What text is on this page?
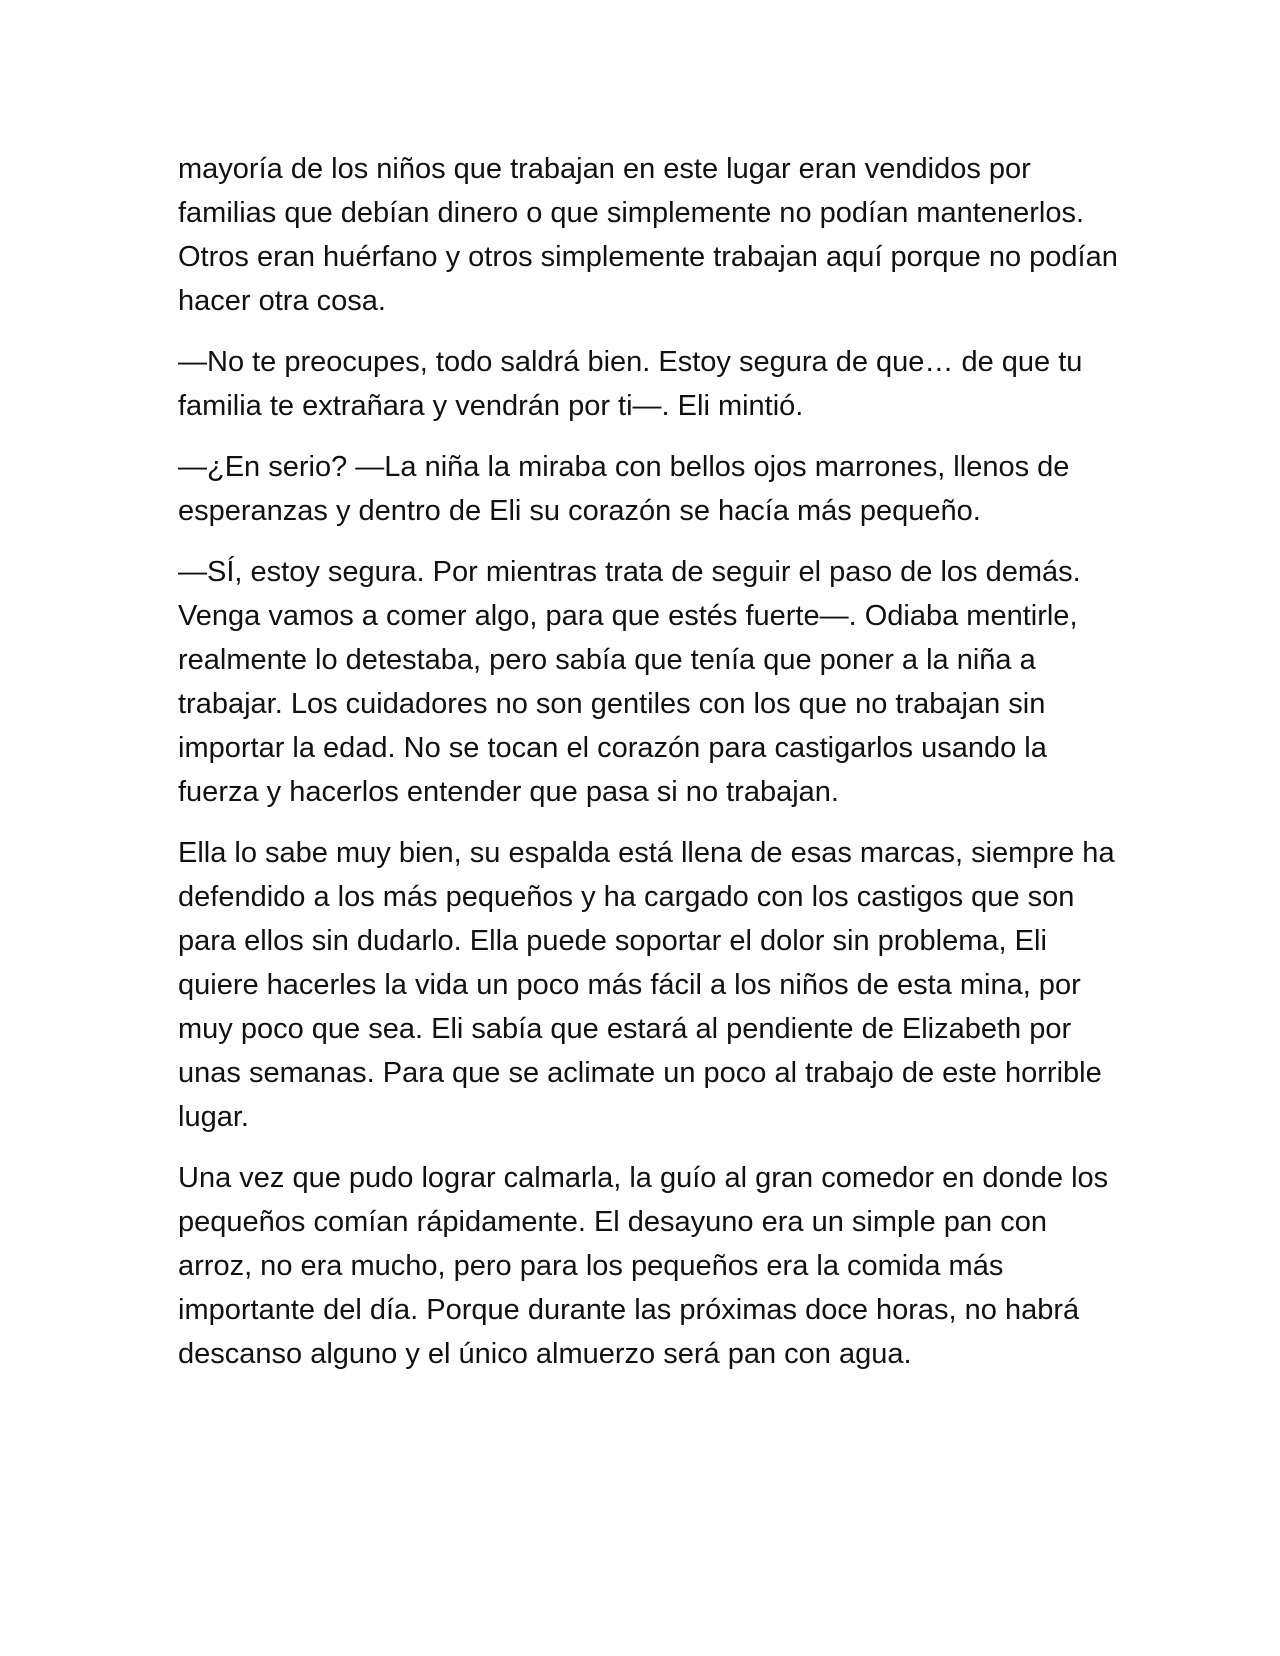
mayoría de los niños que trabajan en este lugar eran vendidos por familias que debían dinero o que simplemente no podían mantenerlos. Otros eran huérfano y otros simplemente trabajan aquí porque no podían hacer otra cosa.

—No te preocupes, todo saldrá bien. Estoy segura de que… de que tu familia te extrañara y vendrán por ti—. Eli mintió.

—¿En serio? —La niña la miraba con bellos ojos marrones, llenos de esperanzas y dentro de Eli su corazón se hacía más pequeño.

—SÍ, estoy segura. Por mientras trata de seguir el paso de los demás. Venga vamos a comer algo, para que estés fuerte—. Odiaba mentirle, realmente lo detestaba, pero sabía que tenía que poner a la niña a trabajar. Los cuidadores no son gentiles con los que no trabajan sin importar la edad. No se tocan el corazón para castigarlos usando la fuerza y hacerlos entender que pasa si no trabajan.

Ella lo sabe muy bien, su espalda está llena de esas marcas, siempre ha defendido a los más pequeños y ha cargado con los castigos que son para ellos sin dudarlo. Ella puede soportar el dolor sin problema, Eli quiere hacerles la vida un poco más fácil a los niños de esta mina, por muy poco que sea. Eli sabía que estará al pendiente de Elizabeth por unas semanas. Para que se aclimate un poco al trabajo de este horrible lugar.

Una vez que pudo lograr calmarla, la guío al gran comedor en donde los pequeños comían rápidamente. El desayuno era un simple pan con arroz, no era mucho, pero para los pequeños era la comida más importante del día. Porque durante las próximas doce horas, no habrá descanso alguno y el único almuerzo será pan con agua.
